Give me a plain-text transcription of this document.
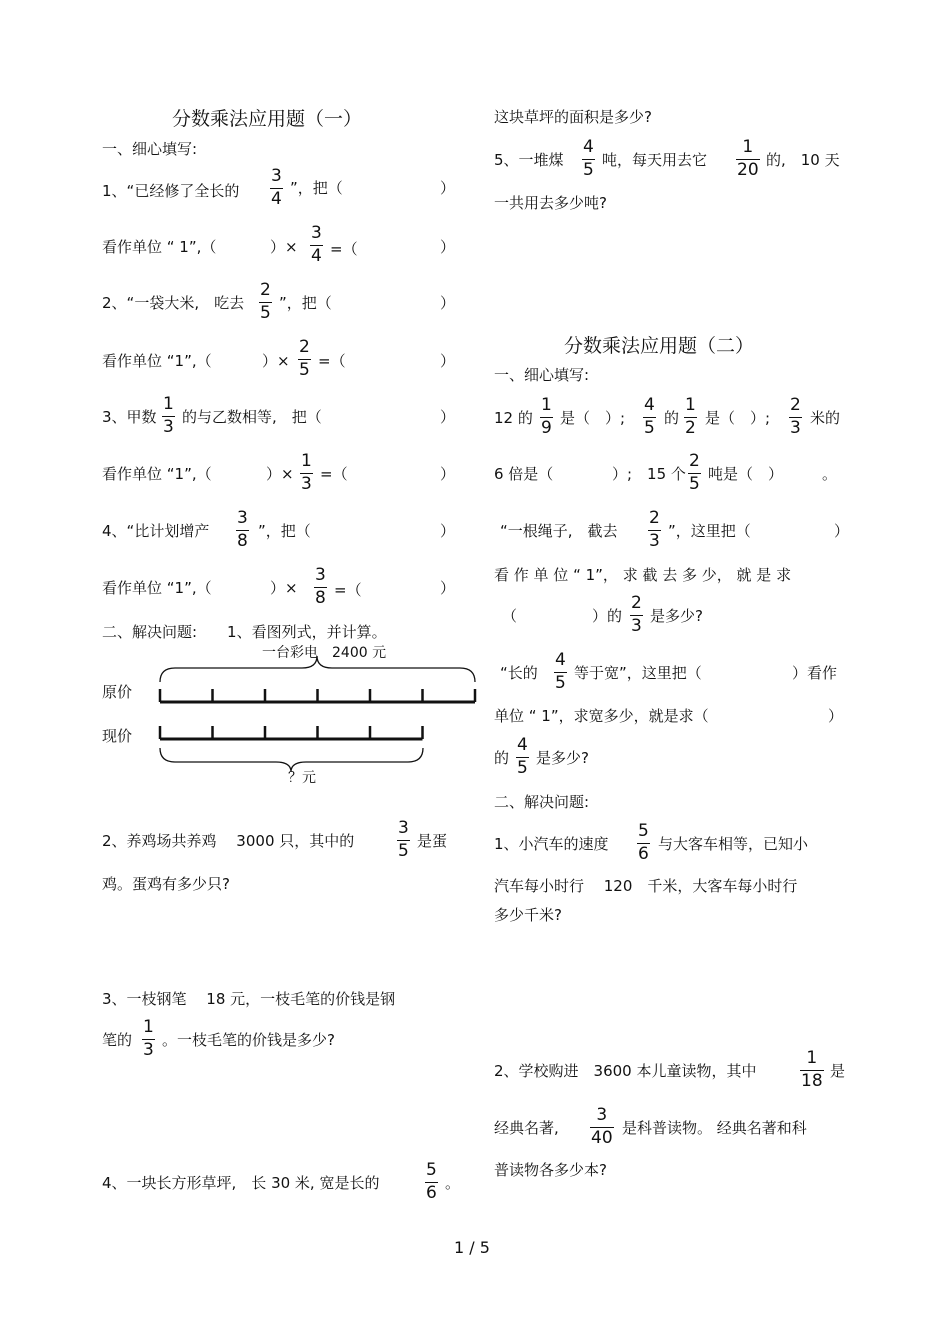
分数乘法应用题（一）
一、细心填写:
1、“已经修了全长的
3
4
”，把（	）
看作单位 “ 1”,（	）×
3
4 =（	）
2、“一袋大米,　吃去
2
5 ”，把（	）
看作单位 “1”,（	）×
2
5 =（	）
3、甲数
1
3 的与乙数相等,　把（	）
看作单位 “1”,（	）×
1
3 =（	）
4、“比计划增产
3
8 ”，把（	）
看作单位 “1”,（	）×
3
8 =（	）
二、解决问题:　　1、看图列式，并计算。
一台彩电　2400 元
原价
现价
？元
2、养鸡场共养鸡　 3000 只，其中的
3
5 是蛋
鸡。蛋鸡有多少只?
3、一枝钢笔　 18 元，一枝毛笔的价钱是钢
笔的
1
3 。一枝毛笔的价钱是多少?
4、一块长方形草坪,　长 30 米, 宽是长的
5
6 。
这块草坪的面积是多少?
5、一堆煤
4
5 吨，每天用去它
1
20 的,　10 天
一共用去多少吨?
分数乘法应用题（二）
一、细心填写:
12 的
1
9 是（　）;
4
5 的
1
2 是（　）;
2
3 米的
6 倍是（	）;　15 个
2
5 吨是（　）	。
“一根绳子,　截去
2
3 ”，这里把（	）
看 作 单 位 “ 1”， 求 截 去 多 少， 就 是 求
（	）的
2
3 是多少?
“长的
4
5 等于宽”，这里把（	）看作
单位 “ 1”，求宽多少，就是求（	）
的
4
5 是多少?
二、解决问题:
1、小汽车的速度
5
6 与大客车相等，已知小
汽车每小时行　 120　千米，大客车每小时行
多少千米?
2、学校购进　3600 本儿童读物，其中
1
18 是
经典名著,
3
40 是科普读物。 经典名著和科
普读物各多少本?
1 / 5
